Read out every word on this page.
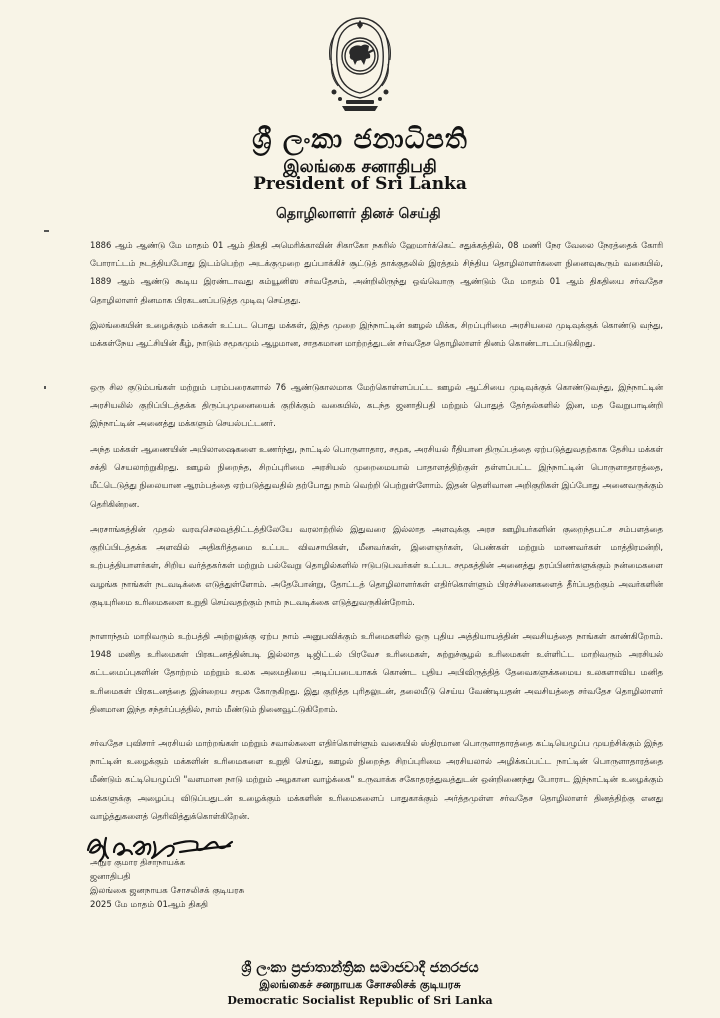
ශ්‍රී ලංකා ජනාධිපති
இலங்கை சனாதிபதி
President of Sri Lanka
தொழிலாளர் தினச் செய்தி

1886 ஆம் ஆண்டு மே மாதம் 01 ஆம் திகதி அமெரிக்காவின் சிகாகோ நகரில் ஹேமார்க்கெட் சதுக்கத்தில், 08 மணி நேர வேலை நேரத்தைக் கோரி போராட்டம் நடத்தியபோது இடம்பெற்ற அடக்குமுறை துப்பாக்கிச் சூட்டுத் தாக்குதலில் இரத்தம் சிந்திய தொழிலாளர்களை நினைவுகூரும் வகையில், 1889 ஆம் ஆண்டு கூடிய இரண்டாவது கம்யூனிஸ சர்வதேசம், அன்றிலிருந்து ஒவ்வொரு ஆண்டும் மே மாதம் 01 ஆம் திகதியை சர்வதேச தொழிலாளர் தினமாக பிரகடனப்படுத்த முடிவு செய்தது.

இலங்கையின் உழைக்கும் மக்கள் உட்பட பொது மக்கள், இந்த முறை இந்நாட்டின் ஊழல் மிக்க, சிறப்புரிமை அரசியலை முடிவுக்குக் கொண்டு வந்து, மக்கள்நேய ஆட்சியின் கீழ், நாடும் சமூகமும் ஆழமான, சாதகமான மாற்றத்துடன் சர்வதேச தொழிலாளர் தினம் கொண்டாடப்படுகிறது.

ஒரு சில குடும்பங்கள் மற்றும் பரம்பரைகளால் 76 ஆண்டுகாலமாக மேற்கொள்ளப்பட்ட ஊழல் ஆட்சியை முடிவுக்குக் கொண்டுவந்து, இந்நாட்டின் அரசியலில் குறிப்பிடத்தக்க திருப்புமுனையைக் குறிக்கும் வகையில், கடந்த ஜனாதிபதி மற்றும் பொதுத் தேர்தல்களில் இன, மத வேறுபாடின்றி இந்நாட்டின் அனைத்து மக்களும் செயல்பட்டனர்.

அந்த மக்கள் ஆணையின் அபிலாஷைகளை உணர்ந்து, நாட்டில் பொருளாதார, சமூக, அரசியல் ரீதியான திருப்பத்தை ஏற்படுத்துவதற்காக தேசிய மக்கள் சக்தி செயலாற்றுகிறது. ஊழல் நிறைந்த, சிறப்புரிமை அரசியல் முறைமையால் பாதாளத்திற்குள் தள்ளப்பட்ட இந்நாட்டின் பொருளாதாரத்தை, மீட்டெடுத்து நிலையான ஆரம்பத்தை ஏற்படுத்துவதில் தற்போது நாம் வெற்றி பெற்றுள்ளோம். இதன் தெளிவான அறிகுறிகள் இப்போது அனைவருக்கும் தெரிகின்றன.

அரசாங்கத்தின் முதல் வரவுசெலவுத்திட்டத்திலேயே வரலாற்றில் இதுவரை இல்லாத அளவுக்கு அரச ஊழியர்களின் குறைந்தபட்ச சம்பளத்தை குறிப்பிடத்தக்க அளவில் அதிகரித்தமை உட்பட விவசாயிகள், மீனவர்கள், இளைஞர்கள், பெண்கள் மற்றும் மாணவர்கள் மாத்திரமன்றி, உற்பத்தியாளர்கள், சிறிய வர்த்தகர்கள் மற்றும் பல்வேறு தொழில்களில் ஈடுபடுபவர்கள் உட்பட சமூகத்தின் அனைத்து தரப்பினர்களுக்கும் நன்மைகளை வழங்க நாங்கள் நடவடிக்கை எடுத்துள்ளோம். அதேபோன்று, தோட்டத் தொழிலாளர்கள் எதிர்கொள்ளும் பிரச்சினைகளைத் தீர்ப்பதற்கும் அவர்களின் குடியுரிமை உரிமைகளை உறுதி செய்வதற்கும் நாம் நடவடிக்கை எடுத்துவருகின்றோம்.

நாளாந்தம் மாறிவரும் உற்பத்தி அற்றலுக்கு ஏற்ப நாம் அனுபவிக்கும் உரிமைகளில் ஒரு புதிய அத்தியாயத்தின் அவசியத்தை நாங்கள் காண்கிறோம். 1948 மனித உரிமைகள் பிரகடனத்தின்படி இல்லாத டிஜிட்டல் பிரவேச உரிமைகள், சுற்றுச்சூழல் உரிமைகள் உள்ளிட்ட மாறிவரும் அரசியல் கட்டமைப்புகளின் தோற்றம் மற்றும் உலக அமைதியை அடிப்படையாகக் கொண்ட புதிய அபிவிருத்தித் தேவைகளுக்கமைய உலகளாவிய மனித உரிமைகள் பிரகடனத்தை இன்றைய சமூக கோருகிறது. இது குறித்த புரிதலுடன், தலையீடு செய்ய வேண்டியதன் அவசியத்தை சர்வதேச தொழிலாளர் தினமான இந்த சந்தர்ப்பத்தில், நாம் மீண்டும் நினைவூட்டுகிறோம்.

சர்வதேச புவிசார் அரசியல் மாற்றங்கள் மற்றும் சவால்களை எதிர்கொள்ளும் வகையில் ஸ்திரமான பொருளாதாரத்தை கட்டியெழுப்ப முயற்சிக்கும் இந்த நாட்டின் உழைக்கும் மக்களின் உரிமைகளை உறுதி செய்து, ஊழல் நிறைந்த சிறப்புரிமை அரசியலால் அழிக்கப்பட்ட நாட்டின் பொருளாதாரத்தை மீண்டும் கட்டியெழுப்பி "வளமான நாடு மற்றும் அழகான வாழ்க்கை" உருவாக்க சகோதரத்துவத்துடன் ஒன்றிணைந்து போராட இந்நாட்டின் உழைக்கும் மக்களுக்கு அழைப்பு விடுப்பதுடன் உழைக்கும் மக்களின் உரிமைகளைப் பாதுகாக்கும் அர்த்தமுள்ள சர்வதேச தொழிலாளர் தினத்திற்கு எனது வாழ்த்துகளைத் தெரிவித்துக்கொள்கிறேன்.

அநுர குமார திசாநாயக்க
ஜனாதிபதி
இலங்கை ஜனநாயக சோசலிசக் குடியரசு
2025 மே மாதம் 01ஆம் திகதி
ශ්‍රී ලංකා ප්‍රජාතාන්ත්‍රික සමාජවාදී ජනරජය
இலங்கைச் சனநாயக சோசலிசக் குடியரசு
Democratic Socialist Republic of Sri Lanka
